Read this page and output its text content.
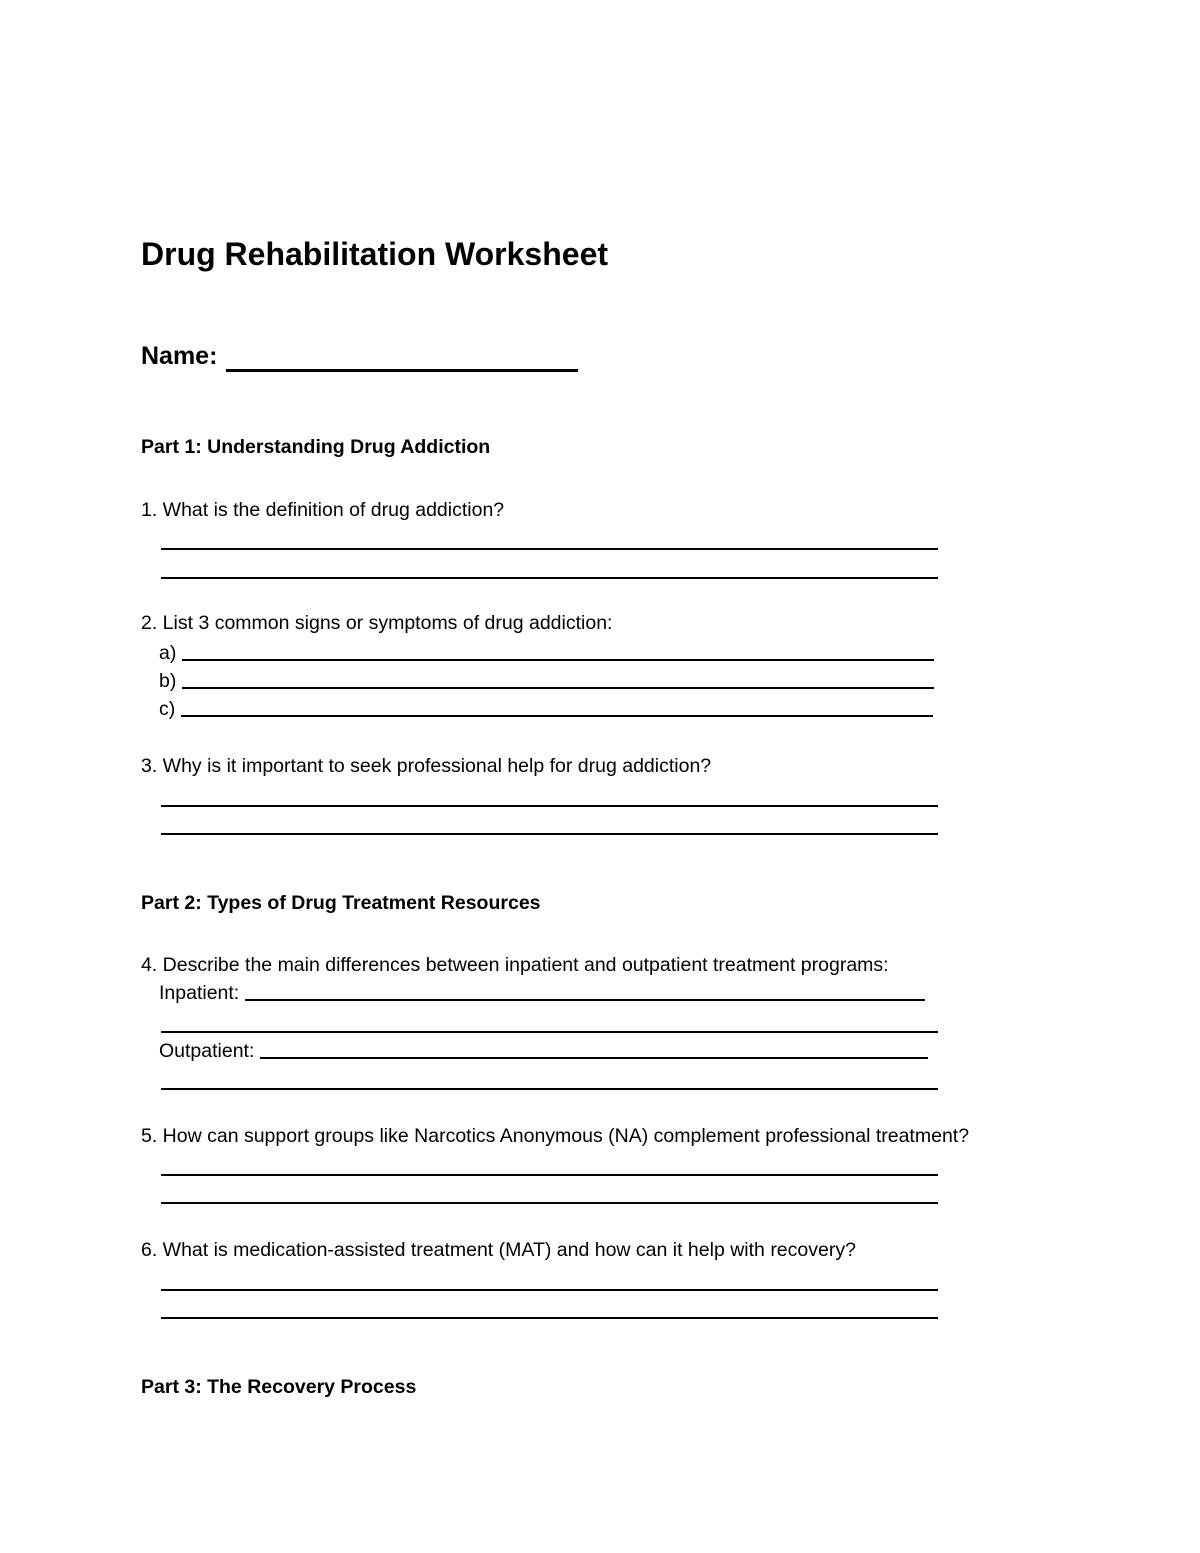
Drug Rehabilitation Worksheet
Name:
Part 1: Understanding Drug Addiction
1. What is the definition of drug addiction?
2. List 3 common signs or symptoms of drug addiction:
a)
b)
c)
3. Why is it important to seek professional help for drug addiction?
Part 2: Types of Drug Treatment Resources
4. Describe the main differences between inpatient and outpatient treatment programs:
Inpatient:
Outpatient:
5. How can support groups like Narcotics Anonymous (NA) complement professional treatment?
6. What is medication-assisted treatment (MAT) and how can it help with recovery?
Part 3: The Recovery Process
